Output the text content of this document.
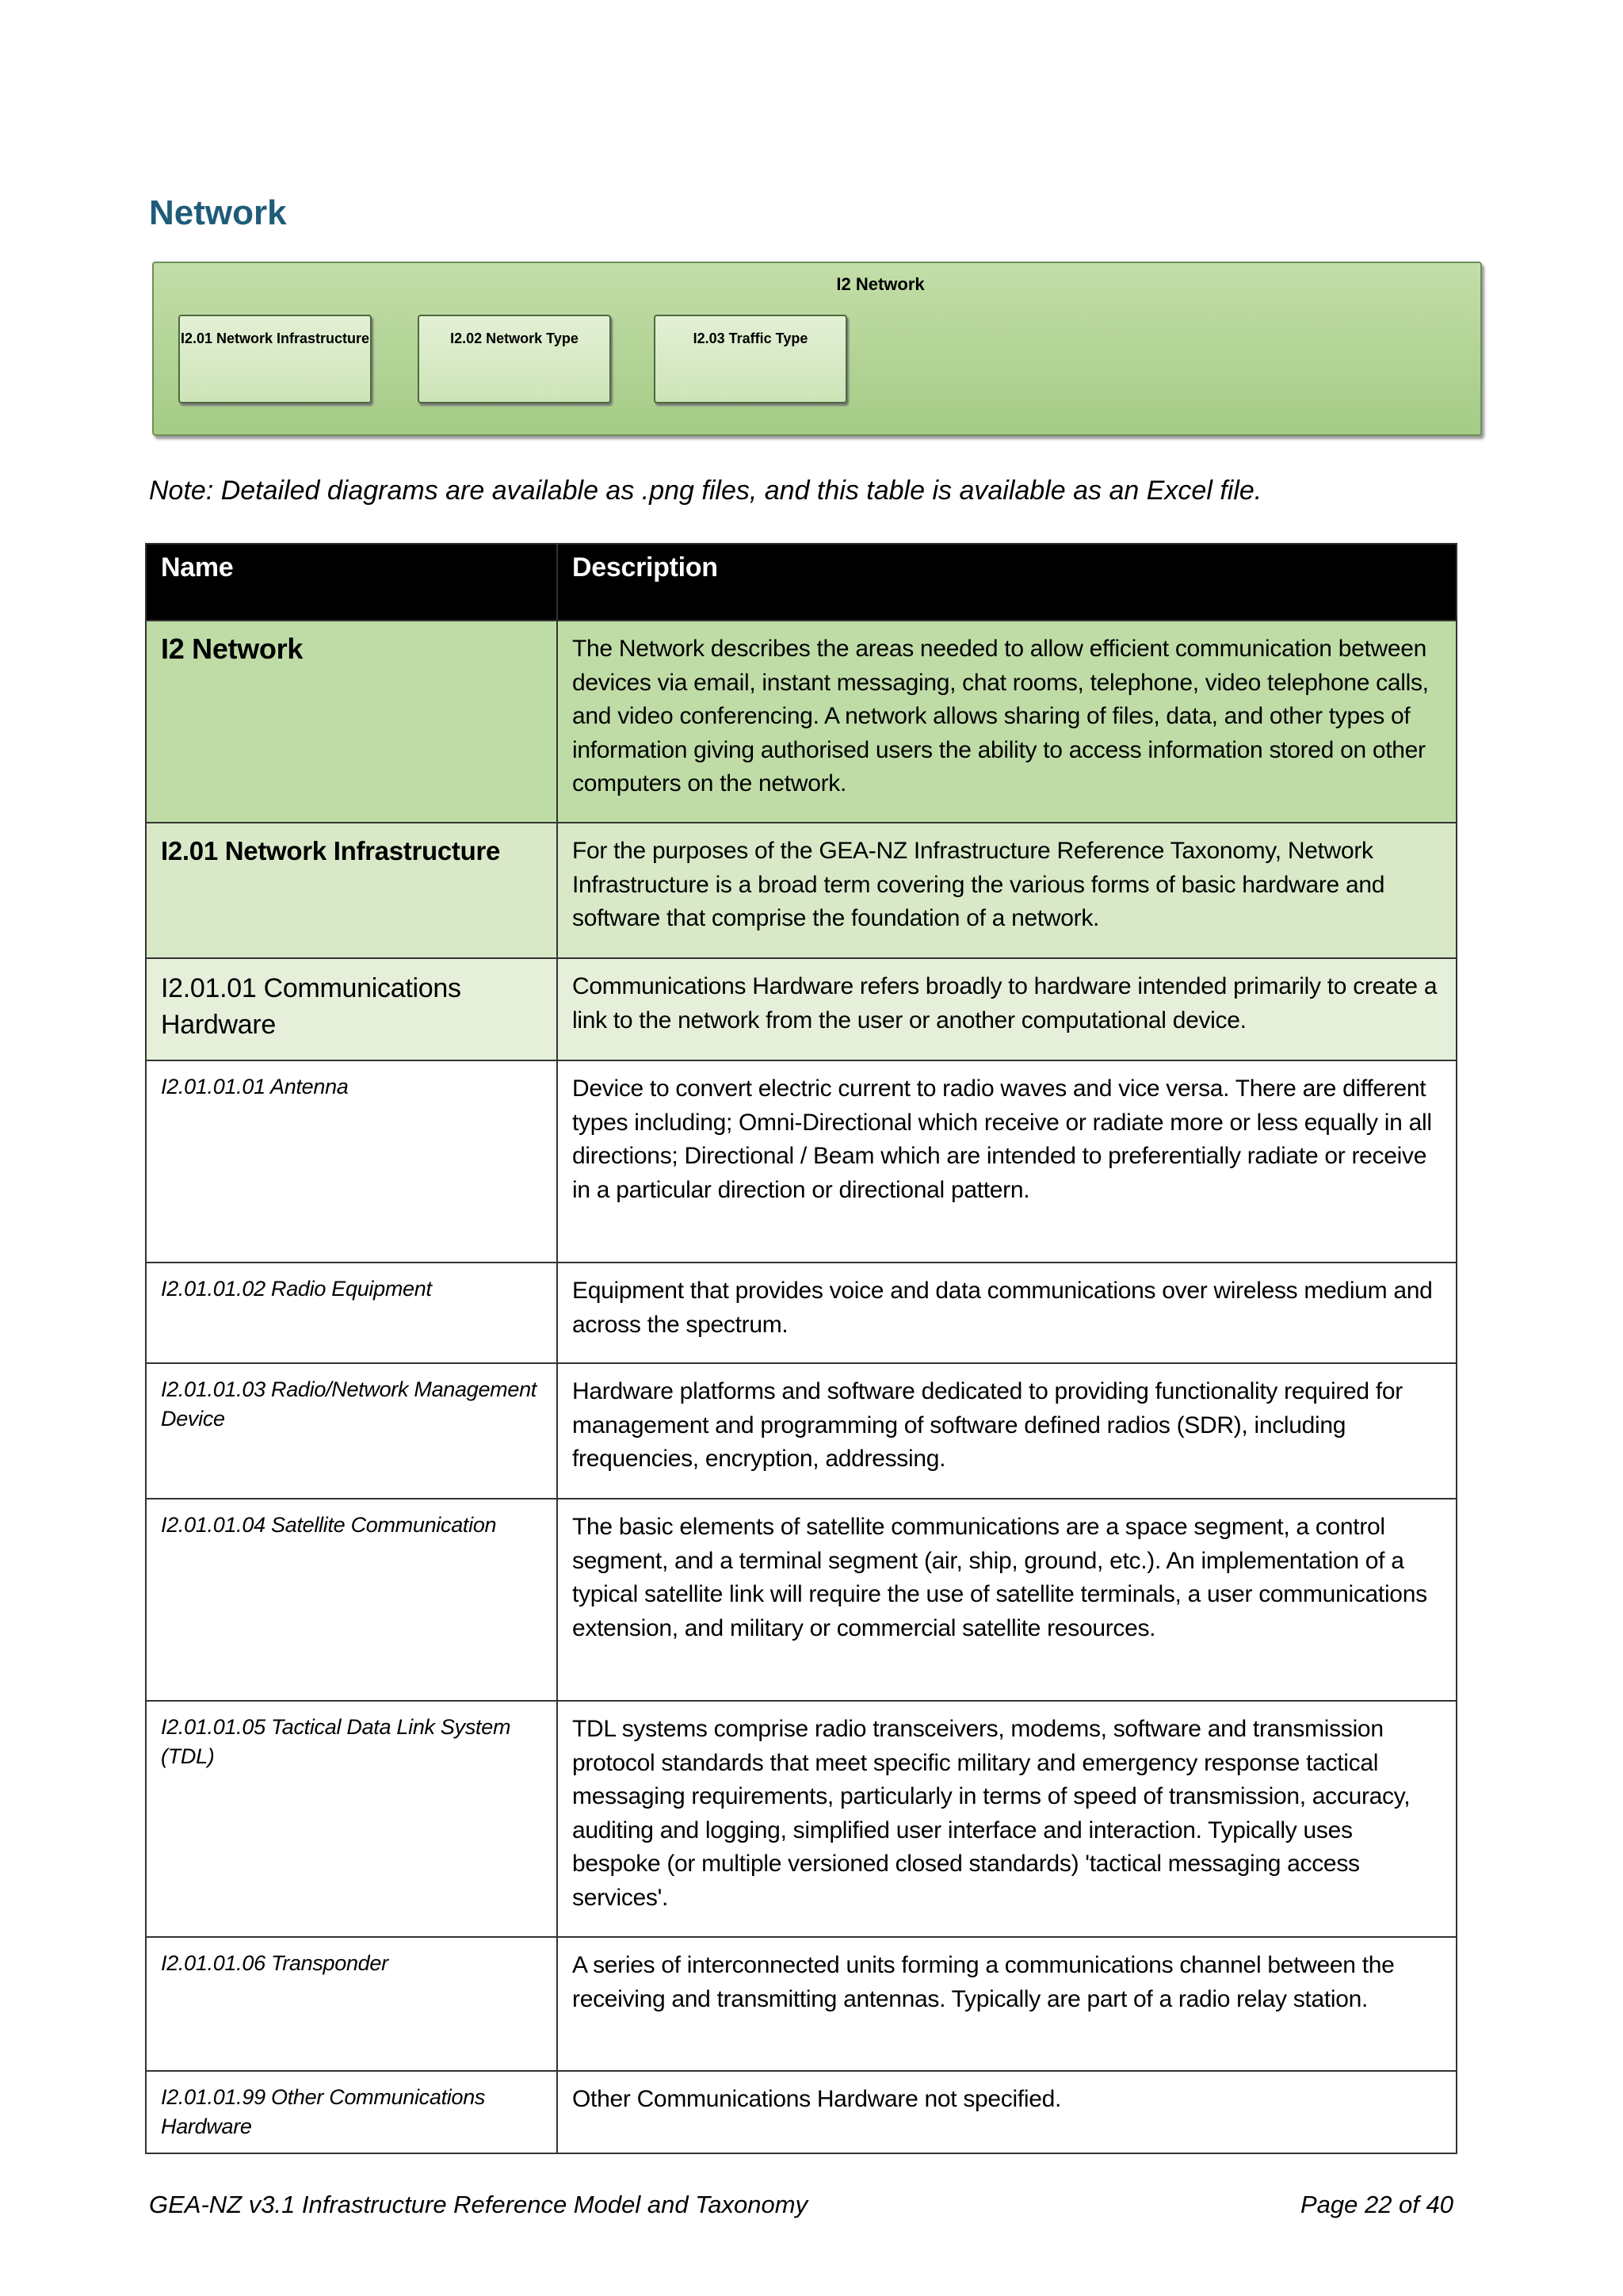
Network
I2 Network
I2.01 Network Infrastructure	I2.02 Network Type	I2.03 Traffic Type
Note: Detailed diagrams are available as .png files, and this table is available as an Excel file.
Name	Description
I2 Network	The Network describes the areas needed to allow efficient communication between devices via email, instant messaging, chat rooms, telephone, video telephone calls, and video conferencing. A network allows sharing of files, data, and other types of information giving authorised users the ability to access information stored on other computers on the network.
I2.01 Network Infrastructure	For the purposes of the GEA-NZ Infrastructure Reference Taxonomy, Network Infrastructure is a broad term covering the various forms of basic hardware and software that comprise the foundation of a network.
I2.01.01 Communications Hardware	Communications Hardware refers broadly to hardware intended primarily to create a link to the network from the user or another computational device.
I2.01.01.01 Antenna	Device to convert electric current to radio waves and vice versa. There are different types including; Omni-Directional which receive or radiate more or less equally in all directions; Directional / Beam which are intended to preferentially radiate or receive in a particular direction or directional pattern.
I2.01.01.02 Radio Equipment	Equipment that provides voice and data communications over wireless medium and across the spectrum.
I2.01.01.03 Radio/Network Management Device	Hardware platforms and software dedicated to providing functionality required for management and programming of software defined radios (SDR), including frequencies, encryption, addressing.
I2.01.01.04 Satellite Communication	The basic elements of satellite communications are a space segment, a control segment, and a terminal segment (air, ship, ground, etc.). An implementation of a typical satellite link will require the use of satellite terminals, a user communications extension, and military or commercial satellite resources.
I2.01.01.05 Tactical Data Link System (TDL)	TDL systems comprise radio transceivers, modems, software and transmission protocol standards that meet specific military and emergency response tactical messaging requirements, particularly in terms of speed of transmission, accuracy, auditing and logging, simplified user interface and interaction. Typically uses bespoke (or multiple versioned closed standards) 'tactical messaging access services'.
I2.01.01.06 Transponder	A series of interconnected units forming a communications channel between the receiving and transmitting antennas. Typically are part of a radio relay station.
I2.01.01.99 Other Communications Hardware	Other Communications Hardware not specified.
GEA-NZ v3.1 Infrastructure Reference Model and Taxonomy	Page 22 of 40
